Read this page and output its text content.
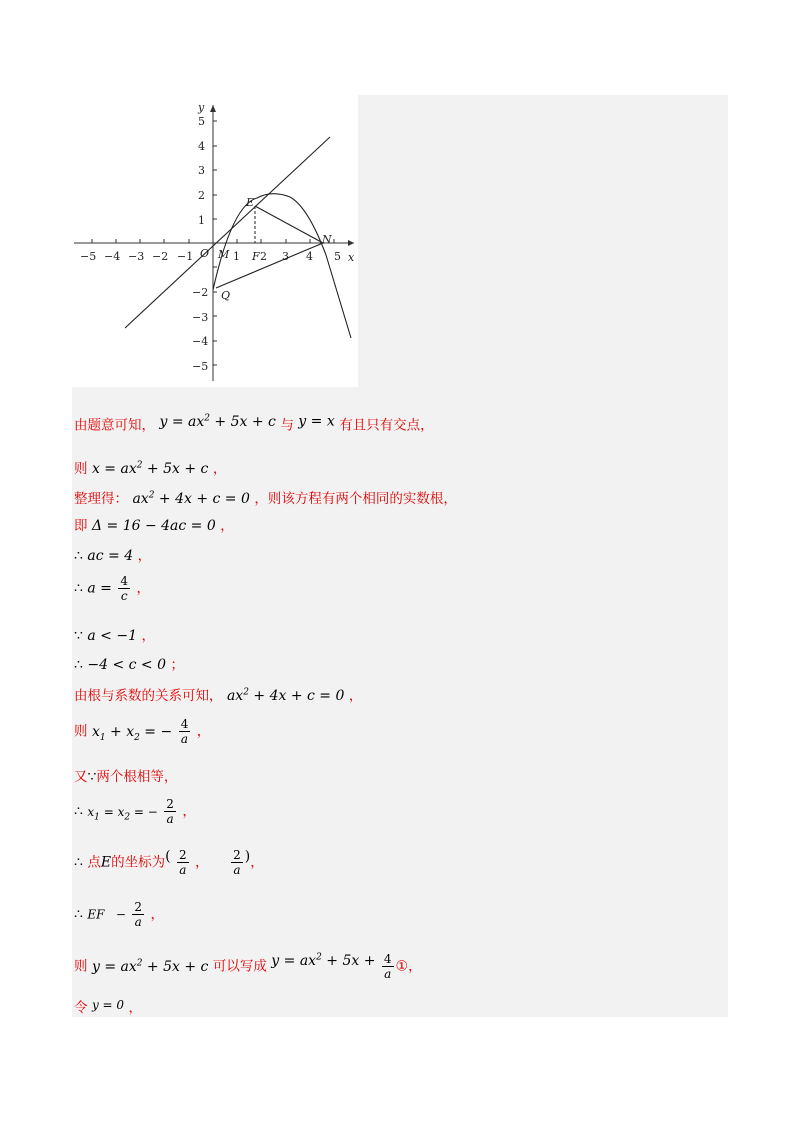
y
x
−5 −4 −3 −2 −1	1	3 4 5
5
4
3
2
1
−2
−3
−4
−5
O
E
F 2
M
N
Q
由题意可知， $y = ax^2 + 5x + c$ 与 y = x 有且只有交点，
则 $x = ax^2 + 5x + c$ ，
整理得： $ax^2 + 4x + c = 0$ ，则该方程有两个相同的实数根，
即 Δ = 16 − 4ac = 0 ，
∴ ac = 4 ，
∴ $a = \frac{4}{c}$ ，
∵ a < −1 ，
∴ −4 < c < 0 ；
由根与系数的关系可知， $ax^2 + 4x + c = 0$ ，
则 $x_1 + x_2$ = − $\frac{4}{a}$ ，
又∵两个根相等，
∴ $x_1 = x_2$ = − $\frac{2}{a}$ ，
∴ 点E的坐标为( $\frac{2}{a}$ ， $\frac{2}{a}$ )，
∴ EF   − $\frac{2}{a}$ ，
则 $y = ax^2 + 5x + c$ 可以写成 $y = ax^2 + 5x + \frac{4}{a}$ ①，
令 y = 0 ，
